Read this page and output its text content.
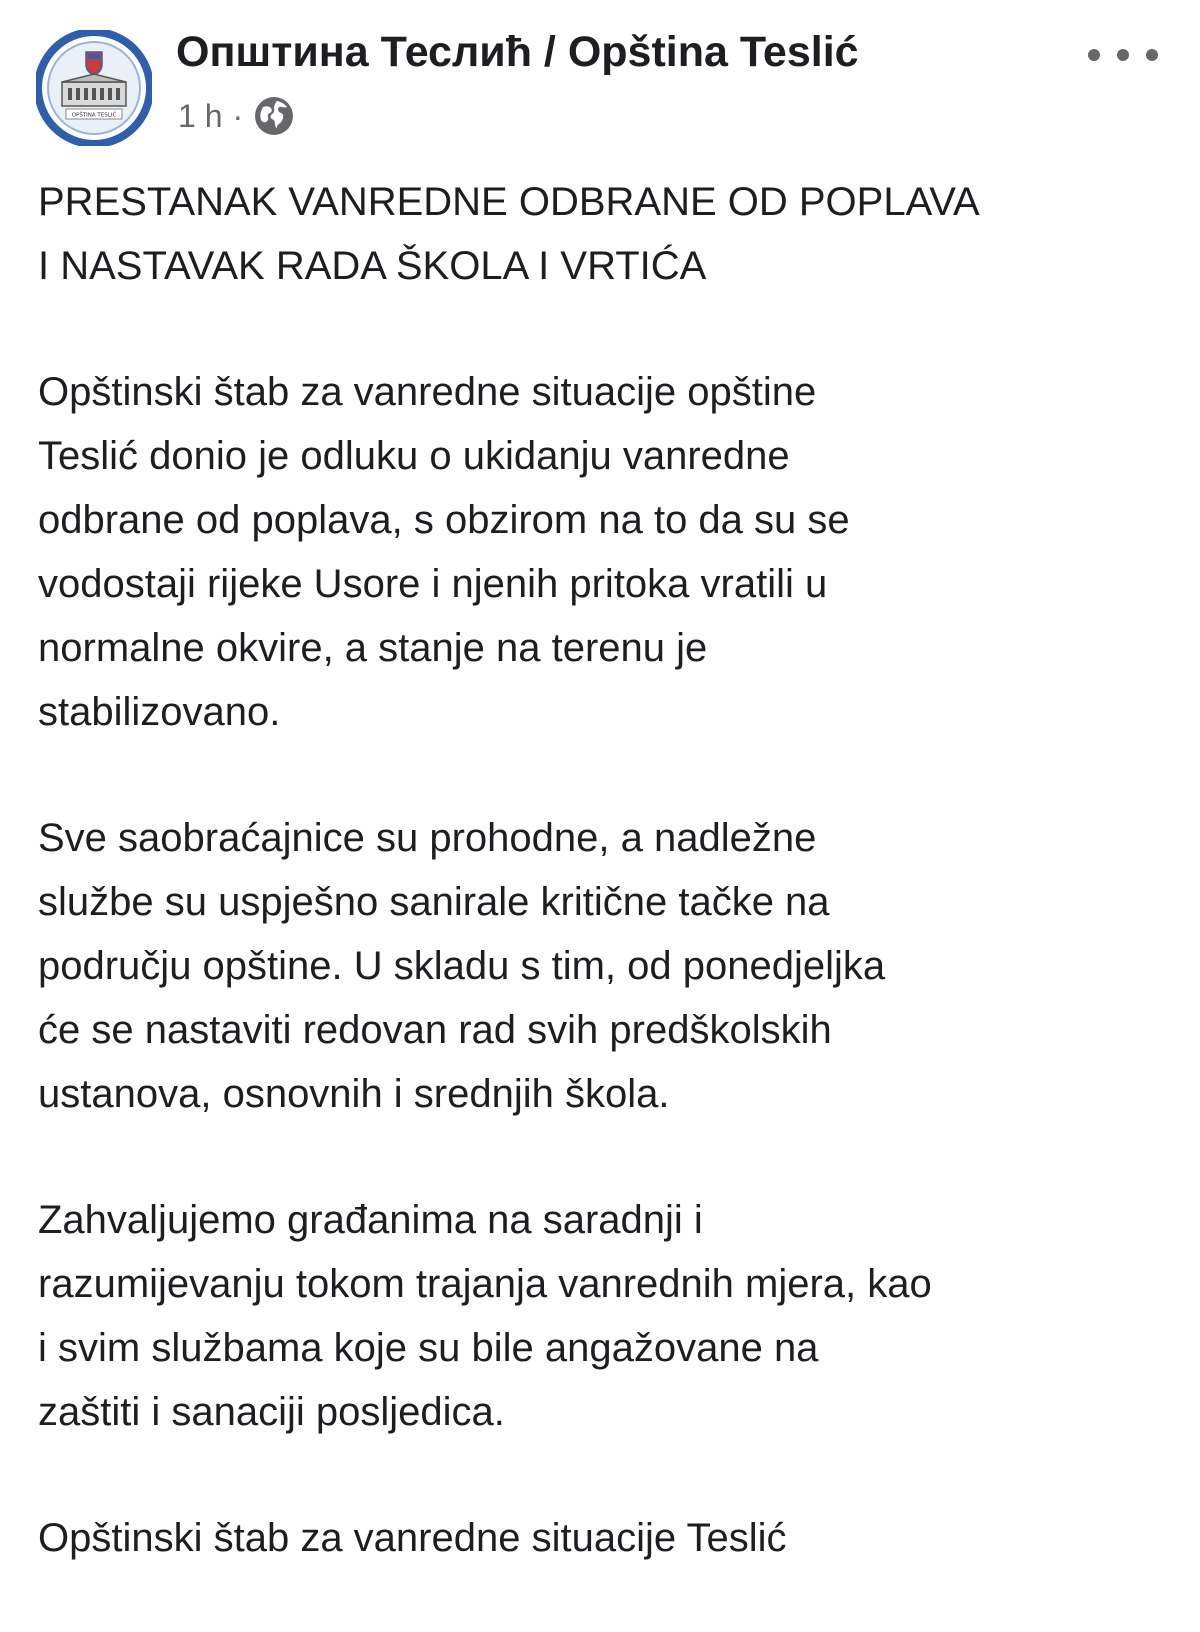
OPŠTINA TESLIĆ
Општина Теслић / Opština Teslić
1 h ·

PRESTANAK VANREDNE ODBRANE OD POPLAVA
I NASTAVAK RADA ŠKOLA I VRTIĆA

Opštinski štab za vanredne situacije opštine
Teslić donio je odluku o ukidanju vanredne
odbrane od poplava, s obzirom na to da su se
vodostaji rijeke Usore i njenih pritoka vratili u
normalne okvire, a stanje na terenu je
stabilizovano.

Sve saobraćajnice su prohodne, a nadležne
službe su uspješno sanirale kritične tačke na
području opštine. U skladu s tim, od ponedjeljka
će se nastaviti redovan rad svih predškolskih
ustanova, osnovnih i srednjih škola.

Zahvaljujemo građanima na saradnji i
razumijevanju tokom trajanja vanrednih mjera, kao
i svim službama koje su bile angažovane na
zaštiti i sanaciji posljedica.

Opštinski štab za vanredne situacije Teslić
